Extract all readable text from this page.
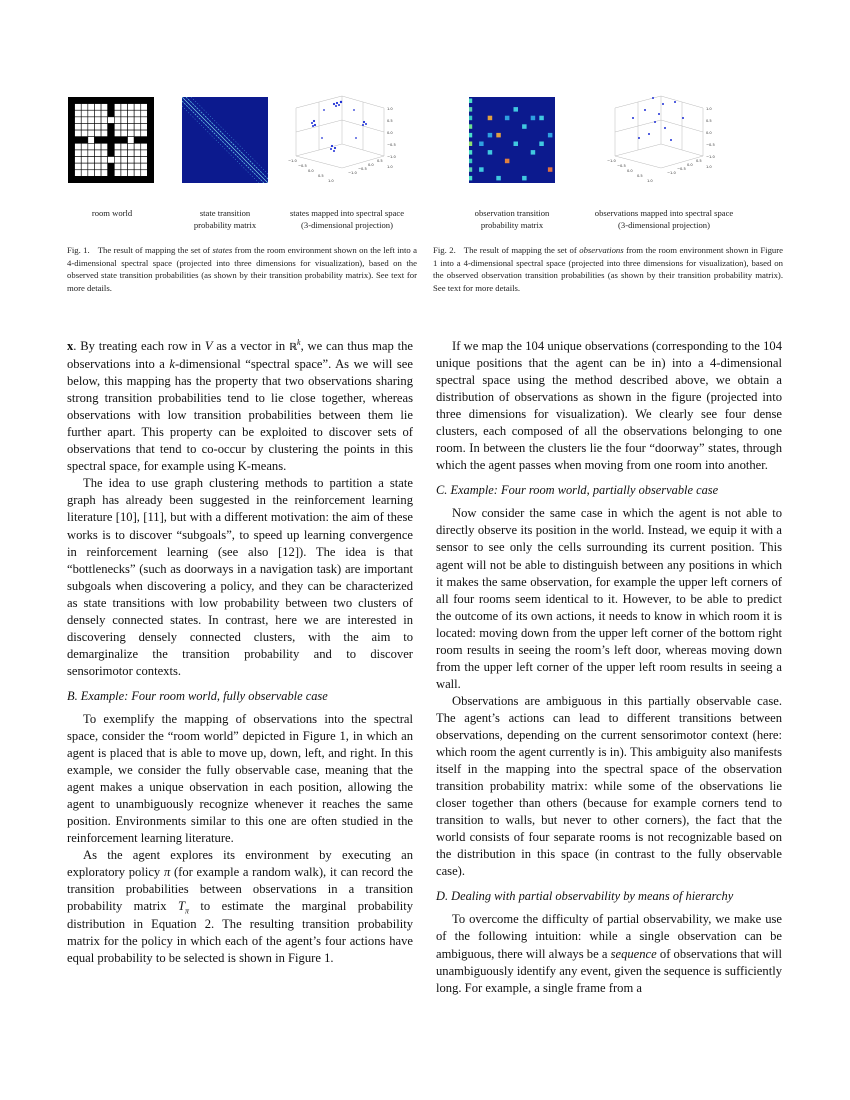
1.0
0.5
0.0
−0.5
−1.0
−1.0
−0.5
0.0
0.5
1.0
−1.0
−0.5
0.0
0.5
1.0
room world	state transition
probability matrix
states mapped into spectral space
(3-dimensional projection)
Fig. 1. The result of mapping the set of states from the room environment shown on the left into a 4-dimensional spectral space (projected into three dimensions for visualization), based on the observed state transition probabilities (as shown by their transition probability matrix). See text for more details.
1.0
0.5
0.0
−0.5
−1.0
−1.0
−0.5
0.0
0.5
1.0
−1.0
−0.5
0.0
0.5
1.0
observation transition
probability matrix
observations mapped into spectral space
(3-dimensional projection)
Fig. 2. The result of mapping the set of observations from the room environment shown in Figure 1 into a 4-dimensional spectral space (projected into three dimensions for visualization), based on the observed observation transition probabilities (as shown by their transition probability matrix). See text for more details.

x. By treating each row in V as a vector in ℝ$^k$, we can thus map the observations into a k-dimensional “spectral space”. As we will see below, this mapping has the property that two observations sharing strong transition probabilities tend to lie close together, whereas observations with low transition probabilities between them lie further apart. This property can be exploited to discover sets of observations that tend to co-occur by clustering the points in this spectral space, for example using K-means.

The idea to use graph clustering methods to partition a state graph has already been suggested in the reinforcement learning literature [10], [11], but with a different motivation: the aim of these works is to discover “subgoals”, to speed up learning convergence in reinforcement learning (see also [12]). The idea is that “bottlenecks” (such as doorways in a navigation task) are important subgoals when discovering a policy, and they can be characterized as state transitions with low probability between two clusters of densely connected states. In contrast, here we are interested in discovering densely connected clusters, with the aim to demarginalize the transition probability and to discover sensorimotor contexts.

B. Example: Four room world, fully observable case

To exemplify the mapping of observations into the spectral space, consider the “room world” depicted in Figure 1, in which an agent is placed that is able to move up, down, left, and right. In this example, we consider the fully observable case, meaning that the agent makes a unique observation in each position, allowing the agent to unambiguously recognize whenever it reaches the same position. Environments similar to this one are often studied in the reinforcement learning literature.

As the agent explores its environment by executing an exploratory policy π (for example a random walk), it can record the transition probabilities between observations in a transition probability matrix $T_\pi$ to estimate the marginal probability distribution in Equation 2. The resulting transition probability matrix for the policy in which each of the agent’s four actions have equal probability to be selected is shown in Figure 1.

If we map the 104 unique observations (corresponding to the 104 unique positions that the agent can be in) into a 4-dimensional spectral space using the method described above, we obtain a distribution of observations as shown in the figure (projected into three dimensions for visualization). We clearly see four dense clusters, each composed of all the observations belonging to one room. In between the clusters lie the four “doorway” states, through which the agent passes when moving from one room into another.

C. Example: Four room world, partially observable case

Now consider the same case in which the agent is not able to directly observe its position in the world. Instead, we equip it with a sensor to see only the cells surrounding its current position. This agent will not be able to distinguish between any positions in which it makes the same observation, for example the upper left corners of all four rooms seem identical to it. However, to be able to predict the outcome of its own actions, it needs to know in which room it is located: moving down from the upper left corner of the bottom right room results in seeing the room’s left door, whereas moving down from the upper left corner of the upper left room results in seeing a wall.

Observations are ambiguous in this partially observable case. The agent’s actions can lead to different transitions between observations, depending on the current sensorimotor context (here: which room the agent currently is in). This ambiguity also manifests itself in the mapping into the spectral space of the observation transition probability matrix: while some of the observations lie closer together than others (because for example corners tend to transition to walls, but never to other corners), the fact that the world consists of four separate rooms is not recognizable based on the distribution in this space (in contrast to the fully observable case).

D. Dealing with partial observability by means of hierarchy

To overcome the difficulty of partial observability, we make use of the following intuition: while a single observation can be ambiguous, there will always be a sequence of observations that will unambiguously identify any event, given the sequence is sufficiently long. For example, a single frame from a
